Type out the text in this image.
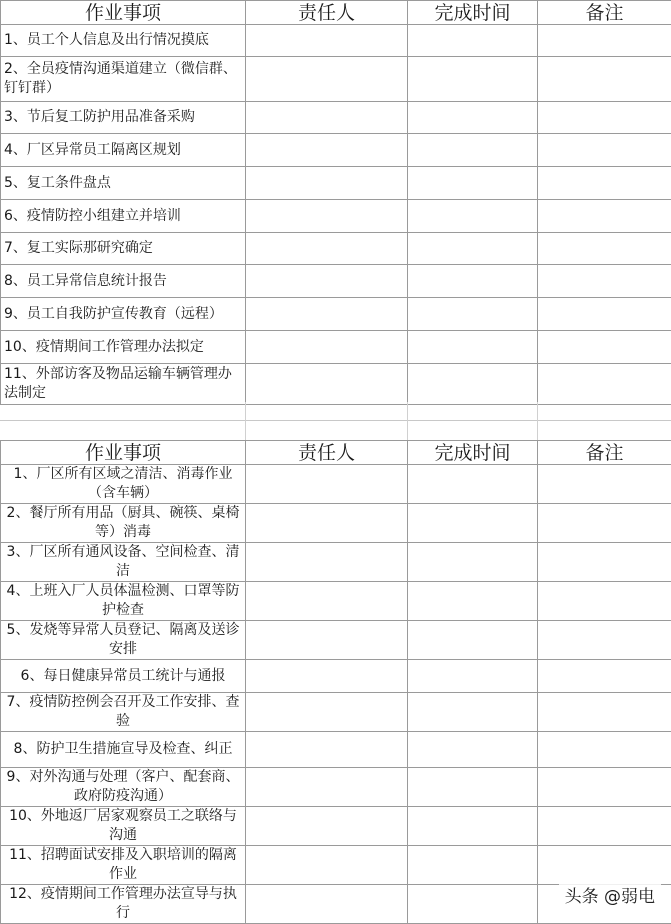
作业事项	责任人	完成时间	备注
1、员工个人信息及出行情况摸底			
2、全员疫情沟通渠道建立（微信群、钉钉群）			
3、节后复工防护用品准备采购			
4、厂区异常员工隔离区规划			
5、复工条件盘点			
6、疫情防控小组建立并培训			
7、复工实际那研究确定			
8、员工异常信息统计报告			
9、员工自我防护宣传教育（远程）			
10、疫情期间工作管理办法拟定			
11、外部访客及物品运输车辆管理办法制定			
作业事项	责任人	完成时间	备注
1、厂区所有区域之清洁、消毒作业（含车辆）			
2、餐厅所有用品（厨具、碗筷、桌椅等）消毒			
3、厂区所有通风设备、空间检查、清洁			
4、上班入厂人员体温检测、口罩等防护检查			
5、发烧等异常人员登记、隔离及送诊安排			
6、每日健康异常员工统计与通报			
7、疫情防控例会召开及工作安排、查验			
8、防护卫生措施宣导及检查、纠正			
9、对外沟通与处理（客户、配套商、政府防疫沟通）			
10、外地返厂居家观察员工之联络与沟通			
11、招聘面试安排及入职培训的隔离作业			
12、疫情期间工作管理办法宣导与执行			
头条 @弱电
